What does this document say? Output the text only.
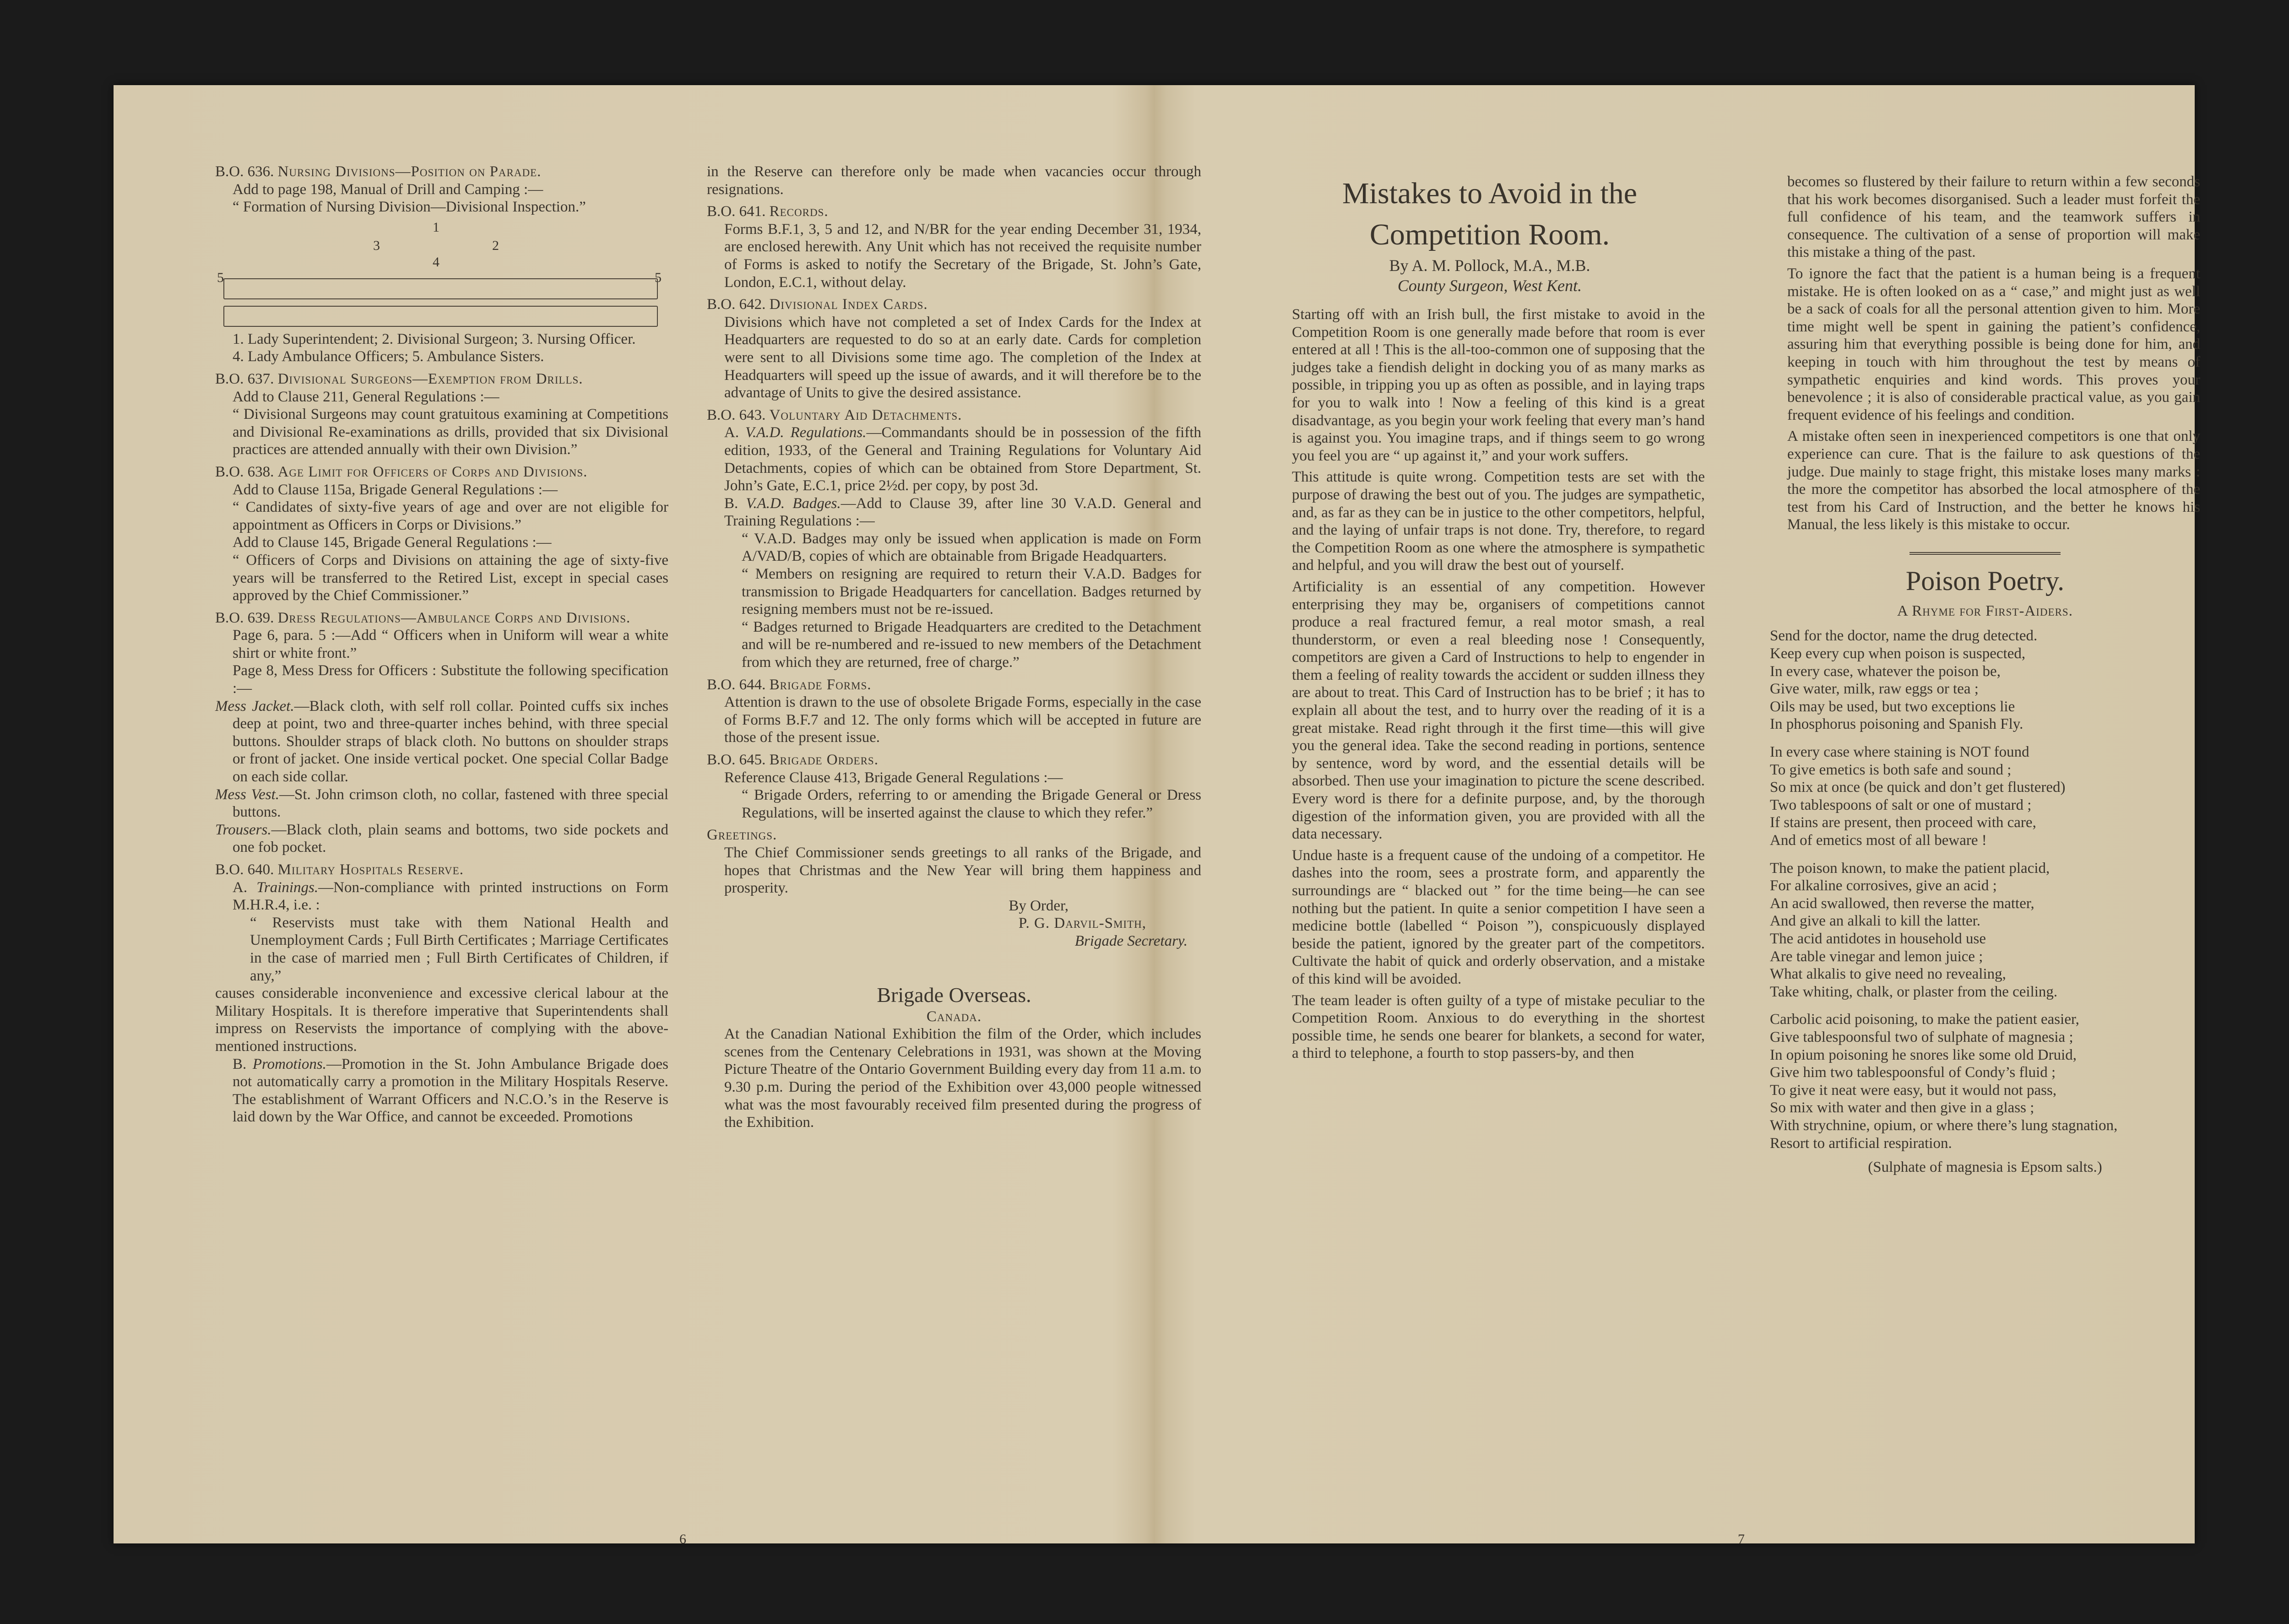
B.O. 636. Nursing Divisions—Position on Parade.

Add to page 198, Manual of Drill and Camping :—

“ Formation of Nursing Division—Divisional Inspection.”

1
3	2
4
5	5

1. Lady Superintendent; 2. Divisional Surgeon; 3. Nursing Officer.

4. Lady Ambulance Officers; 5. Ambulance Sisters.

B.O. 637. Divisional Surgeons—Exemption from Drills.

Add to Clause 211, General Regulations :—

“ Divisional Surgeons may count gratuitous examining at Competitions and Divisional Re-examinations as drills, provided that six Divisional practices are attended annually with their own Division.”

B.O. 638. Age Limit for Officers of Corps and Divisions.

Add to Clause 115a, Brigade General Regulations :—

“ Candidates of sixty-five years of age and over are not eligible for appointment as Officers in Corps or Divisions.”

Add to Clause 145, Brigade General Regulations :—

“ Officers of Corps and Divisions on attaining the age of sixty-five years will be transferred to the Retired List, except in special cases approved by the Chief Commissioner.”

B.O. 639. Dress Regulations—Ambulance Corps and Divisions.

Page 6, para. 5 :—Add “ Officers when in Uniform will wear a white shirt or white front.”

Page 8, Mess Dress for Officers : Substitute the following specification :—

Mess Jacket.—Black cloth, with self roll collar. Pointed cuffs six inches deep at point, two and three-quarter inches behind, with three special buttons. Shoulder straps of black cloth. No buttons on shoulder straps or front of jacket. One inside vertical pocket. One special Collar Badge on each side collar.

Mess Vest.—St. John crimson cloth, no collar, fastened with three special buttons.

Trousers.—Black cloth, plain seams and bottoms, two side pockets and one fob pocket.

B.O. 640. Military Hospitals Reserve.

A. Trainings.—Non-compliance with printed instructions on Form M.H.R.4, i.e. :

“ Reservists must take with them National Health and Unemployment Cards ; Full Birth Certificates ; Marriage Certificates in the case of married men ; Full Birth Certificates of Children, if any,”

causes considerable inconvenience and excessive clerical labour at the Military Hospitals. It is therefore imperative that Superintendents shall impress on Reservists the importance of complying with the above-mentioned instructions.

B. Promotions.—Promotion in the St. John Ambulance Brigade does not automatically carry a promotion in the Military Hospitals Reserve. The establishment of Warrant Officers and N.C.O.’s in the Reserve is laid down by the War Office, and cannot be exceeded. Promotions

in the Reserve can therefore only be made when vacancies occur through resignations.

B.O. 641. Records.

Forms B.F.1, 3, 5 and 12, and N/BR for the year ending December 31, 1934, are enclosed herewith. Any Unit which has not received the requisite number of Forms is asked to notify the Secretary of the Brigade, St. John’s Gate, London, E.C.1, without delay.

B.O. 642. Divisional Index Cards.

Divisions which have not completed a set of Index Cards for the Index at Headquarters are requested to do so at an early date. Cards for completion were sent to all Divisions some time ago. The completion of the Index at Headquarters will speed up the issue of awards, and it will therefore be to the advantage of Units to give the desired assistance.

B.O. 643. Voluntary Aid Detachments.

A. V.A.D. Regulations.—Commandants should be in possession of the fifth edition, 1933, of the General and Training Regulations for Voluntary Aid Detachments, copies of which can be obtained from Store Department, St. John’s Gate, E.C.1, price 2½d. per copy, by post 3d.

B. V.A.D. Badges.—Add to Clause 39, after line 30 V.A.D. General and Training Regulations :—

“ V.A.D. Badges may only be issued when application is made on Form A/VAD/B, copies of which are obtainable from Brigade Headquarters.

“ Members on resigning are required to return their V.A.D. Badges for transmission to Brigade Headquarters for cancellation. Badges returned by resigning members must not be re-issued.

“ Badges returned to Brigade Headquarters are credited to the Detachment and will be re-numbered and re-issued to new members of the Detachment from which they are returned, free of charge.”

B.O. 644. Brigade Forms.

Attention is drawn to the use of obsolete Brigade Forms, especially in the case of Forms B.F.7 and 12. The only forms which will be accepted in future are those of the present issue.

B.O. 645. Brigade Orders.

Reference Clause 413, Brigade General Regulations :—

“ Brigade Orders, referring to or amending the Brigade General or Dress Regulations, will be inserted against the clause to which they refer.”

Greetings.

The Chief Commissioner sends greetings to all ranks of the Brigade, and hopes that Christmas and the New Year will bring them happiness and prosperity.

By Order,
P. G. Darvil-Smith,
Brigade Secretary.

Brigade Overseas.

Canada.

At the Canadian National Exhibition the film of the Order, which includes scenes from the Centenary Celebrations in 1931, was shown at the Moving Picture Theatre of the Ontario Government Building every day from 11 a.m. to 9.30 p.m. During the period of the Exhibition over 43,000 people witnessed what was the most favourably received film presented during the progress of the Exhibition.

6

Mistakes to Avoid in the

Competition Room.

By A. M. Pollock, M.A., M.B.
County Surgeon, West Kent.

Starting off with an Irish bull, the first mistake to avoid in the Competition Room is one generally made before that room is ever entered at all ! This is the all-too-common one of supposing that the judges take a fiendish delight in docking you of as many marks as possible, in tripping you up as often as possible, and in laying traps for you to walk into ! Now a feeling of this kind is a great disadvantage, as you begin your work feeling that every man’s hand is against you. You imagine traps, and if things seem to go wrong you feel you are “ up against it,” and your work suffers.

This attitude is quite wrong. Competition tests are set with the purpose of drawing the best out of you. The judges are sympathetic, and, as far as they can be in justice to the other competitors, helpful, and the laying of unfair traps is not done. Try, therefore, to regard the Competition Room as one where the atmosphere is sympathetic and helpful, and you will draw the best out of yourself.

Artificiality is an essential of any competition. However enterprising they may be, organisers of competitions cannot produce a real fractured femur, a real motor smash, a real thunderstorm, or even a real bleeding nose ! Consequently, competitors are given a Card of Instructions to help to engender in them a feeling of reality towards the accident or sudden illness they are about to treat. This Card of Instruction has to be brief ; it has to explain all about the test, and to hurry over the reading of it is a great mistake. Read right through it the first time—this will give you the general idea. Take the second reading in portions, sentence by sentence, word by word, and the essential details will be absorbed. Then use your imagination to picture the scene described. Every word is there for a definite purpose, and, by the thorough digestion of the information given, you are provided with all the data necessary.

Undue haste is a frequent cause of the undoing of a competitor. He dashes into the room, sees a prostrate form, and apparently the surroundings are “ blacked out ” for the time being—he can see nothing but the patient. In quite a senior competition I have seen a medicine bottle (labelled “ Poison ”), conspicuously displayed beside the patient, ignored by the greater part of the competitors. Cultivate the habit of quick and orderly observation, and a mistake of this kind will be avoided.

The team leader is often guilty of a type of mistake peculiar to the Competition Room. Anxious to do everything in the shortest possible time, he sends one bearer for blankets, a second for water, a third to telephone, a fourth to stop passers-by, and then

becomes so flustered by their failure to return within a few seconds that his work becomes disorganised. Such a leader must forfeit the full confidence of his team, and the teamwork suffers in consequence. The cultivation of a sense of proportion will make this mistake a thing of the past.

To ignore the fact that the patient is a human being is a frequent mistake. He is often looked on as a “ case,” and might just as well be a sack of coals for all the personal attention given to him. More time might well be spent in gaining the patient’s confidence, assuring him that everything possible is being done for him, and keeping in touch with him throughout the test by means of sympathetic enquiries and kind words. This proves your benevolence ; it is also of considerable practical value, as you gain frequent evidence of his feelings and condition.

A mistake often seen in inexperienced competitors is one that only experience can cure. That is the failure to ask questions of the judge. Due mainly to stage fright, this mistake loses many marks : the more the competitor has absorbed the local atmosphere of the test from his Card of Instruction, and the better he knows his Manual, the less likely is this mistake to occur.

Poison Poetry.

A Rhyme for First-Aiders.

Send for the doctor, name the drug detected.

Keep every cup when poison is suspected,

In every case, whatever the poison be,

Give water, milk, raw eggs or tea ;

Oils may be used, but two exceptions lie

In phosphorus poisoning and Spanish Fly.

In every case where staining is NOT found

To give emetics is both safe and sound ;

So mix at once (be quick and don’t get flustered)

Two tablespoons of salt or one of mustard ;

If stains are present, then proceed with care,

And of emetics most of all beware !

The poison known, to make the patient placid,

For alkaline corrosives, give an acid ;

An acid swallowed, then reverse the matter,

And give an alkali to kill the latter.

The acid antidotes in household use

Are table vinegar and lemon juice ;

What alkalis to give need no revealing,

Take whiting, chalk, or plaster from the ceiling.

Carbolic acid poisoning, to make the patient easier,

Give tablespoonsful two of sulphate of magnesia ;

In opium poisoning he snores like some old Druid,

Give him two tablespoonsful of Condy’s fluid ;

To give it neat were easy, but it would not pass,

So mix with water and then give in a glass ;

With strychnine, opium, or where there’s lung stagnation,

Resort to artificial respiration.

(Sulphate of magnesia is Epsom salts.)
7
